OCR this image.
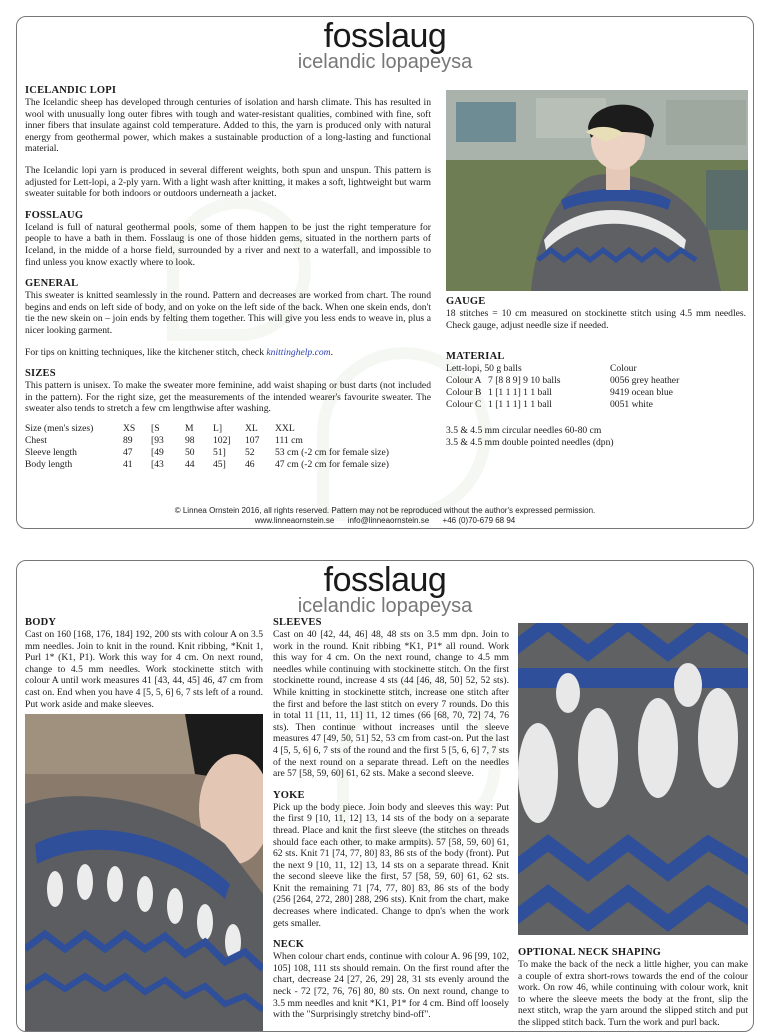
fosslaug
icelandic lopapeysa
ICELANDIC LOPI

The Icelandic sheep has developed through centuries of isolation and harsh climate. This has resulted in wool with unusually long outer fibres with tough and water-resistant qualities, combined with fine, soft inner fibers that insulate against cold temperature. Added to this, the yarn is produced only with natural energy from geothermal power, which makes a sustainable production of a long-lasting and functional material.

The Icelandic lopi yarn is produced in several different weights, both spun and unspun. This pattern is adjusted for Lett-lopi, a 2-ply yarn. With a light wash after knitting, it makes a soft, lightweight but warm sweater suitable for both indoors or outdoors underneath a jacket.

FOSSLAUG

Iceland is full of natural geothermal pools, some of them happen to be just the right temperature for people to have a bath in them. Fosslaug is one of those hidden gems, situated in the northern parts of Iceland, in the midde of a horse field, surrounded by a river and next to a waterfall, and impossible to find unless you know exactly where to look.

GENERAL

This sweater is knitted seamlessly in the round. Pattern and decreases are worked from chart. The round begins and ends on left side of body, and on yoke on the left side of the back. When one skein ends, don't tie the new skein on – join ends by felting them together. This will give you less ends to weave in, plus a nicer looking garment.

For tips on knitting techniques, like the kitchener stitch, check knittinghelp.com.

SIZES

This pattern is unisex. To make the sweater more feminine, add waist shaping or bust darts (not included in the pattern). For the right size, get the measurements of the intended wearer's favourite sweater. The sweater also tends to stretch a few cm lengthwise after washing.

Size (men's sizes)	XS	[S	M	L]	XL	XXL
Chest	89	[93	98	102]	107	111 cm
Sleeve length	47	[49	50	51]	52	53 cm (-2 cm for female size)
Body length	41	[43	44	45]	46	47 cm (-2 cm for female size)
GAUGE

18 stitches = 10 cm measured on stockinette stitch using 4.5 mm needles. Check gauge, adjust needle size if needed.

MATERIAL
Lett-lopi, 50 g balls		Colour
Colour A	7 [8 8 9] 9 10 balls	0056 grey heather
Colour B	1 [1 1 1] 1 1 ball	9419 ocean blue
Colour C	1 [1 1 1] 1 1 ball	0051 white
3.5 & 4.5 mm circular needles 60-80 cm
3.5 & 4.5 mm double pointed needles (dpn)
© Linnea Ornstein 2016, all rights reserved. Pattern may not be reproduced without the author's expressed permission.
www.linneaornstein.se info@linneaornstein.se +46 (0)70-679 68 94
fosslaug
icelandic lopapeysa
BODY

Cast on 160 [168, 176, 184] 192, 200 sts with colour A on 3.5 mm needles. Join to knit in the round. Knit ribbing, *Knit 1, Purl 1* (K1, P1). Work this way for 4 cm. On next round, change to 4.5 mm needles. Work stockinette stitch with colour A until work measures 41 [43, 44, 45] 46, 47 cm from cast on. End when you have 4 [5, 5, 6] 6, 7 sts left of a round. Put work aside and make sleeves.

SLEEVES

Cast on 40 [42, 44, 46] 48, 48 sts on 3.5 mm dpn. Join to work in the round. Knit ribbing *K1, P1* all round. Work this way for 4 cm. On the next round, change to 4.5 mm needles while continuing with stockinette stitch. On the first stockinette round, increase 4 sts (44 [46, 48, 50] 52, 52 sts). While knitting in stockinette stitch, increase one stitch after the first and before the last stitch on every 7 rounds. Do this in total 11 [11, 11, 11] 11, 12 times (66 [68, 70, 72] 74, 76 sts). Then continue without increases until the sleeve measures 47 [49, 50, 51] 52, 53 cm from cast-on. Put the last 4 [5, 5, 6] 6, 7 sts of the round and the first 5 [5, 6, 6] 7, 7 sts of the next round on a separate thread. Left on the needles are 57 [58, 59, 60] 61, 62 sts. Make a second sleeve.

YOKE

Pick up the body piece. Join body and sleeves this way: Put the first 9 [10, 11, 12] 13, 14 sts of the body on a separate thread. Place and knit the first sleeve (the stitches on threads should face each other, to make armpits). 57 [58, 59, 60] 61, 62 sts. Knit 71 [74, 77, 80] 83, 86 sts of the body (front). Put the next 9 [10, 11, 12] 13, 14 sts on a separate thread. Knit the second sleeve like the first, 57 [58, 59, 60] 61, 62 sts. Knit the remaining 71 [74, 77, 80] 83, 86 sts of the body (256 [264, 272, 280] 288, 296 sts). Knit from the chart, make decreases where indicated. Change to dpn's when the work gets smaller.

NECK

When colour chart ends, continue with colour A. 96 [99, 102, 105] 108, 111 sts should remain. On the first round after the chart, decrease 24 [27, 26, 29] 28, 31 sts evenly around the neck - 72 [72, 76, 76] 80, 80 sts. On next round, change to 3.5 mm needles and knit *K1, P1* for 4 cm. Bind off loosely with the "Surprisingly stretchy bind-off".

OPTIONAL NECK SHAPING

To make the back of the neck a little higher, you can make a couple of extra short-rows towards the end of the colour work. On row 46, while continuing with colour work, knit to where the sleeve meets the body at the front, slip the next stitch, wrap the yarn around the slipped stitch and put the slipped stitch back. Turn the work and purl back.
